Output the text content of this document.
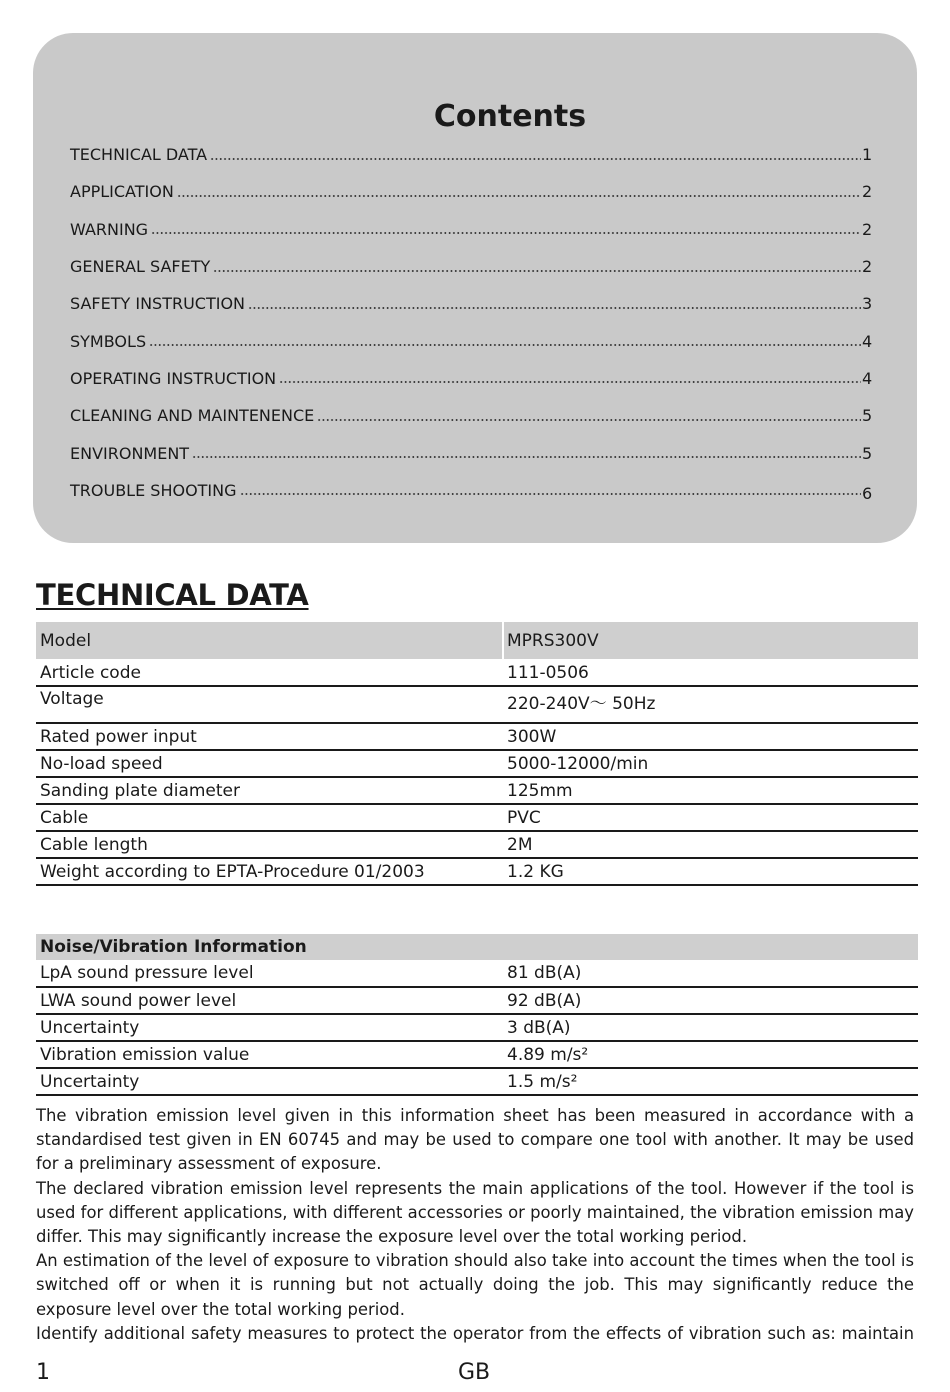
Contents
TECHNICAL DATA	1
APPLICATION	2
WARNING	2
GENERAL SAFETY	2
SAFETY INSTRUCTION	3
SYMBOLS	4
OPERATING INSTRUCTION	4
CLEANING AND MAINTENENCE	5
ENVIRONMENT	5
TROUBLE SHOOTING	6
TECHNICAL DATA
Model	MPRS300V
Article code	111-0506
Voltage	220-240V～ 50Hz
Rated power input	300W
No-load speed	5000-12000/min
Sanding plate diameter	125mm
Cable	PVC
Cable length	2M
Weight according to EPTA-Procedure 01/2003	1.2 KG
Noise/Vibration Information
LpA sound pressure level	81 dB(A)
LWA sound power level	92 dB(A)
Uncertainty	3 dB(A)
Vibration emission value	4.89 m/s²
Uncertainty	1.5 m/s²

The vibration emission level given in this information sheet has been measured in accordance with a standardised test given in EN 60745 and may be used to compare one tool with another. It may be used for a preliminary assessment of exposure.

The declared vibration emission level represents the main applications of the tool. However if the tool is used for different applications, with different accessories or poorly maintained, the vibration emission may differ. This may significantly increase the exposure level over the total working period.

An estimation of the level of exposure to vibration should also take into account the times when the tool is switched off or when it is running but not actually doing the job. This may significantly reduce the exposure level over the total working period.

Identify additional safety measures to protect the operator from the effects of vibration such as: maintain

1	GB
